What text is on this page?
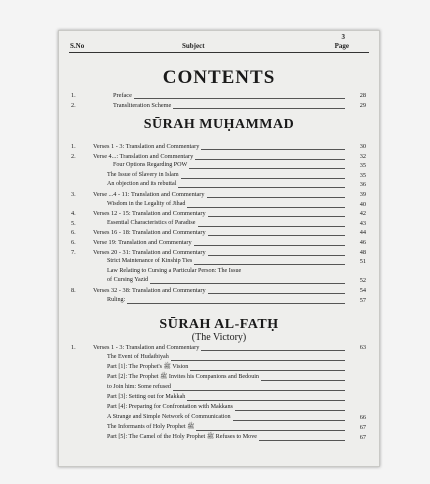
3
S.No	Subject	Page
CONTENTS
1.	Preface	28
2.	Transliteration Scheme	29
SŪRAH MUḤAMMAD
1.	Verses 1 - 3: Translation and Commentary	30
2.	Verse 4...: Translation and Commentary	32
Four Options Regarding POW	35
The Issue of Slavery in Islam	35
An objection and its rebuttal	36
3.	Verse ...4 - 11: Translation and Commentary	39
Wisdom in the Legality of Jihad	40
4.	Verses 12 - 15: Translation and Commentary	42
5.	Essential Characteristics of Paradise	43
6.	Verses 16 - 18: Translation and Commentary	44
6.	Verse 19: Translation and Commentary	46
7.	Verses 20 - 31: Translation and Commentary	48
Strict Maintenance of Kinship Ties	51
Law Relating to Cursing a Particular Person: The Issue
of Cursing Yazid	52
8.	Verses 32 - 38: Translation and Commentary	54
Ruling:	57
SŪRAH AL-FATḤ
(The Victory)
1.	Verses 1 - 3: Translation and Commentary	63
The Event of Hudaibiyah
Part [1]: The Prophet's ﷺ Vision
Part [2]: The Prophet ﷺ Invites his Companions and Bedouin
to Join him: Some refused
Part [3]: Setting out for Makkah
Part [4]: Preparing for Confrontation with Makkans
A Strange and Simple Network of Communication	66
The Informants of Holy Prophet ﷺ	67
Part [5]: The Camel of the Holy Prophet ﷺ Refuses to Move	67
